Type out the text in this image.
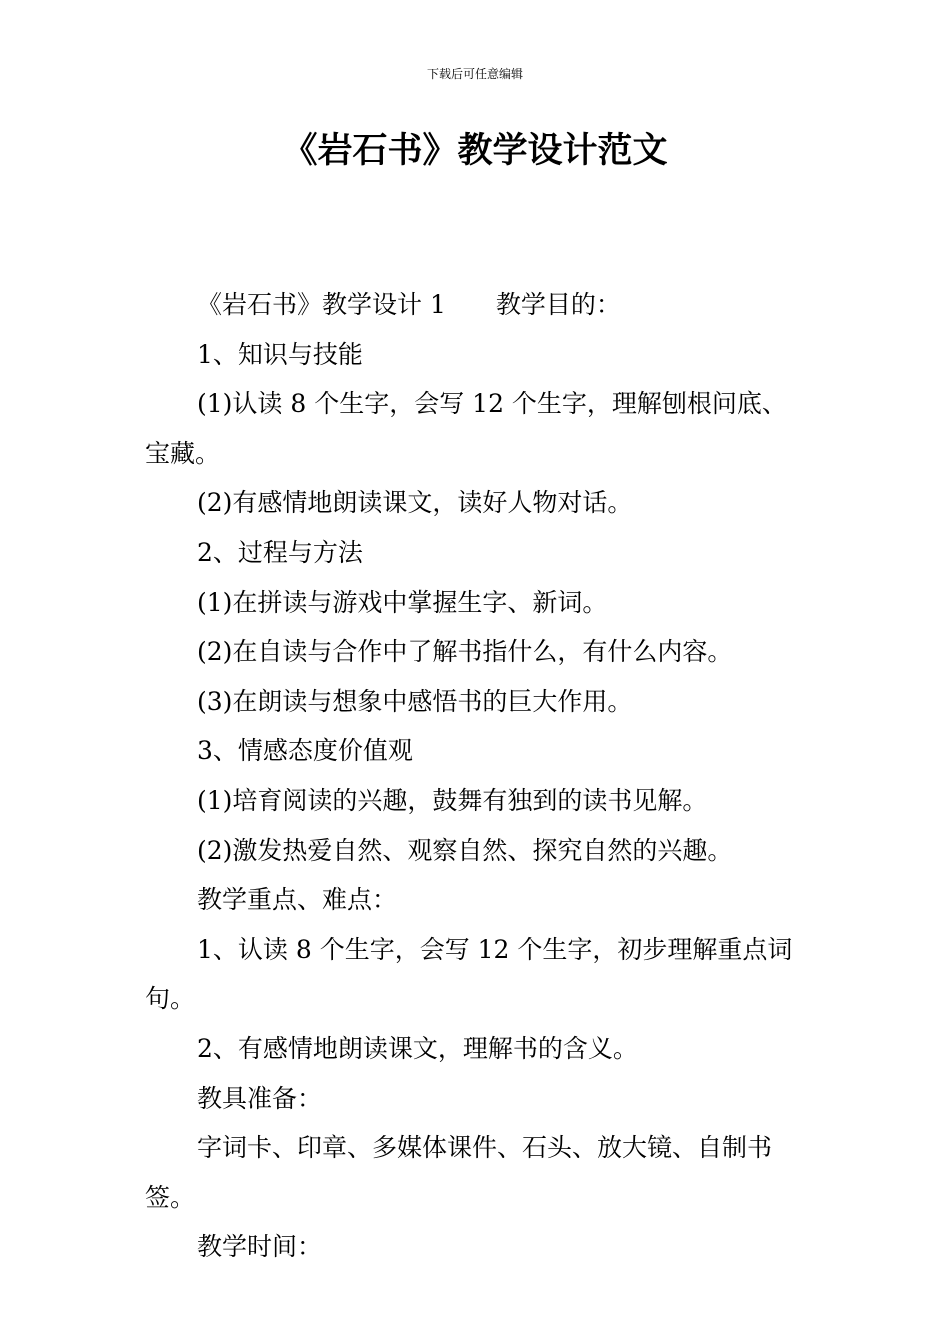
下载后可任意编辑
《岩石书》教学设计范文

《岩石书》教学设计 1 教学目的：

1、知识与技能

(1)认读 8 个生字，会写 12 个生字，理解刨根问底、宝藏。

(2)有感情地朗读课文，读好人物对话。

2、过程与方法

(1)在拼读与游戏中掌握生字、新词。

(2)在自读与合作中了解书指什么，有什么内容。

(3)在朗读与想象中感悟书的巨大作用。

3、情感态度价值观

(1)培育阅读的兴趣，鼓舞有独到的读书见解。

(2)激发热爱自然、观察自然、探究自然的兴趣。

教学重点、难点：

1、认读 8 个生字，会写 12 个生字，初步理解重点词句。

2、有感情地朗读课文，理解书的含义。

教具准备：

字词卡、印章、多媒体课件、石头、放大镜、自制书签。

教学时间：
